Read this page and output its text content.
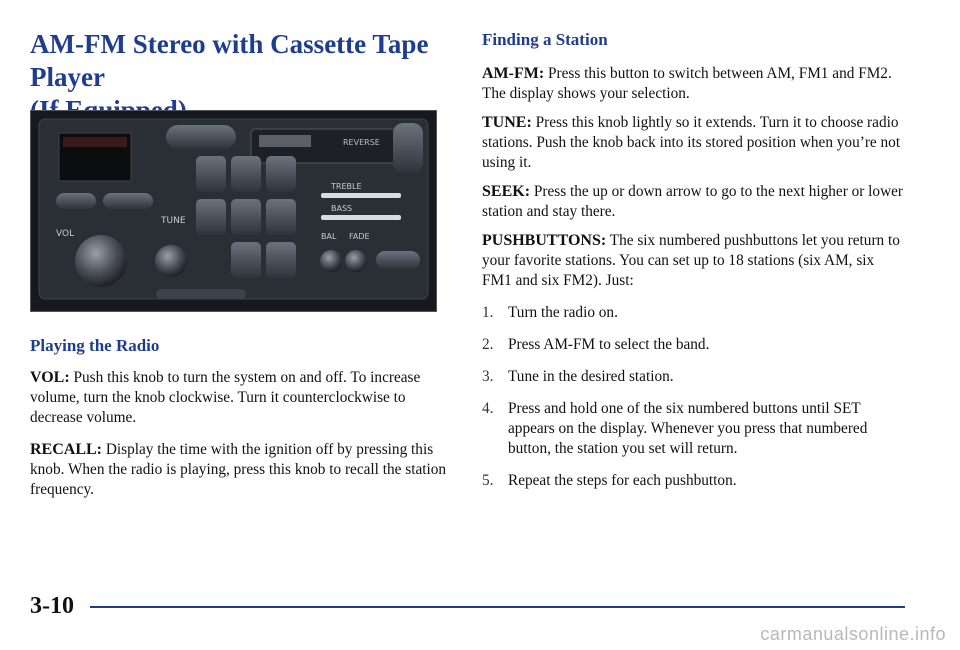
AM-FM Stereo with Cassette Tape Player

REVERSE
VOL
TUNE
TREBLE
BASS
BAL FADE
Playing the Radio

VOL: Push this knob to turn the system on and off. To increase volume, turn the knob clockwise. Turn it counterclockwise to decrease volume.

RECALL: Display the time with the ignition off by pressing this knob. When the radio is playing, press this knob to recall the station frequency.

Finding a Station

AM-FM: Press this button to switch between AM, FM1 and FM2. The display shows your selection.

TUNE: Press this knob lightly so it extends. Turn it to choose radio stations. Push the knob back into its stored position when you’re not using it.

SEEK: Press the up or down arrow to go to the next higher or lower station and stay there.

PUSHBUTTONS: The six numbered pushbuttons let you return to your favorite stations. You can set up to 18 stations (six AM, six FM1 and six FM2). Just:

1. Turn the radio on.
2. Press AM-FM to select the band.
3. Tune in the desired station.
4. Press and hold one of the six numbered buttons until SET appears on the display. Whenever you press that numbered button, the station you set will return.
5. Repeat the steps for each pushbutton.
3-10
carmanualsonline.info
